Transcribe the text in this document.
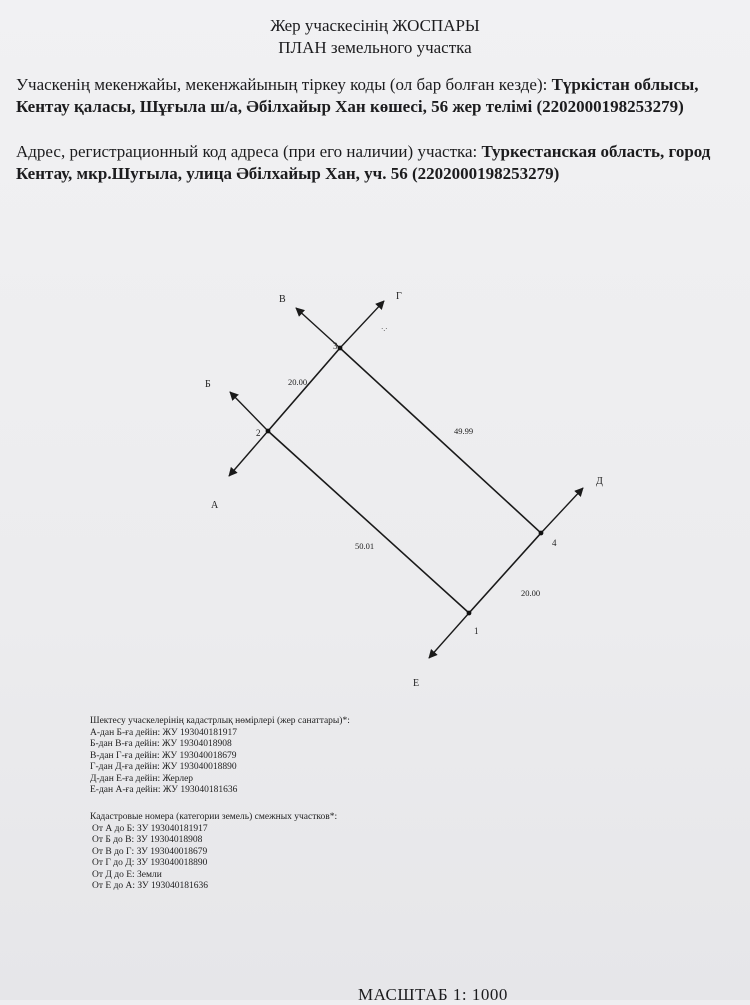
Жер учаскесінің ЖОСПАРЫ
ПЛАН земельного участка
Учаскенің мекенжайы, мекенжайының тіркеу коды (ол бар болған кезде): Түркістан облысы, Кентау қаласы, Шұғыла ш/а, Әбілхайыр Хан көшесі, 56 жер телімі (2202000198253279)
Адрес, регистрационный код адреса (при его наличии) участка: Туркестанская область, город Кентау, мкр.Шугыла, улица Әбілхайыр Хан, уч. 56 (2202000198253279)
·.·
1
2
3
4
А
Б
В	Г
Д
Е
20.00
49.99
20.00
50.01
Шектесу учаскелерінің кадастрлық нөмірлері (жер санаттары)*:
А-дан Б-ға дейін: ЖУ 193040181917
Б-дан В-ға дейін: ЖУ 19304018908
В-дан Г-ға дейін: ЖУ 193040018679
Г-дан Д-ға дейін: ЖУ 193040018890
Д-дан Е-ға дейін: Жерлер
Е-дан А-ға дейін: ЖУ 193040181636
Кадастровые номера (категории земель) смежных участков*:
От А до Б: ЗУ 193040181917
От Б до В: ЗУ 19304018908
От В до Г: ЗУ 193040018679
От Г до Д: ЗУ 193040018890
От Д до Е: Земли
От Е до А: ЗУ 193040181636
МАСШТАБ 1: 1000
